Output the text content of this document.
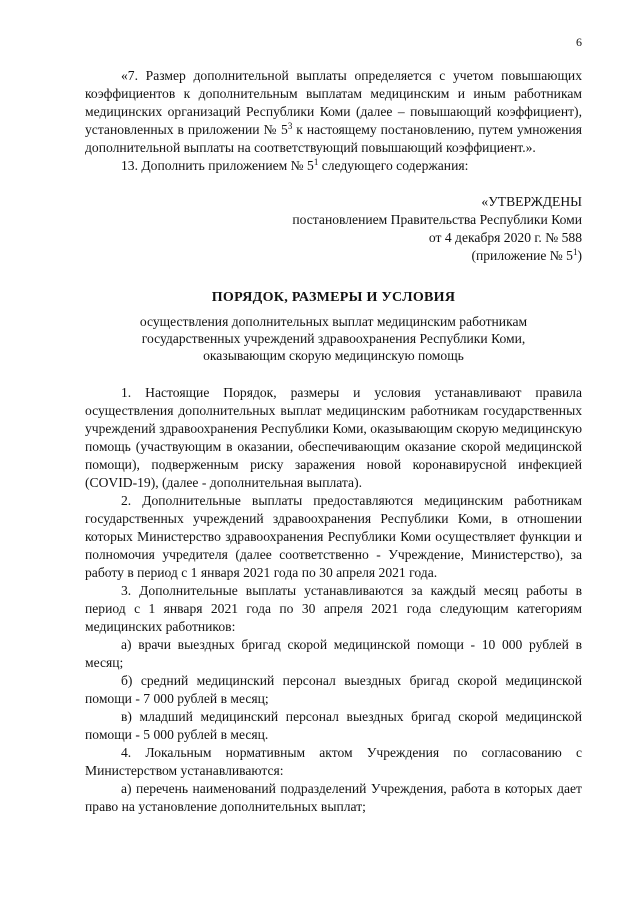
6

«7. Размер дополнительной выплаты определяется с учетом повышающих коэффициентов к дополнительным выплатам медицинским и иным работникам медицинских организаций Республики Коми (далее – повышающий коэффициент), установленных в приложении № $5^3$ к настоящему постановлению, путем умножения дополнительной выплаты на соответствующий повышающий коэффициент.».

13. Дополнить приложением № $5^1$ следующего содержания:

«УТВЕРЖДЕНЫ
постановлением Правительства Республики Коми
от 4 декабря 2020 г. № 588
(приложение № $5^1$)
ПОРЯДОК, РАЗМЕРЫ И УСЛОВИЯ
осуществления дополнительных выплат медицинским работникам
государственных учреждений здравоохранения Республики Коми,
оказывающим скорую медицинскую помощь

1. Настоящие Порядок, размеры и условия устанавливают правила осуществления дополнительных выплат медицинским работникам государственных учреждений здравоохранения Республики Коми, оказывающим скорую медицинскую помощь (участвующим в оказании, обеспечивающим оказание скорой медицинской помощи), подверженным риску заражения новой коронавирусной инфекцией (COVID-19), (далее - дополнительная выплата).

2. Дополнительные выплаты предоставляются медицинским работникам государственных учреждений здравоохранения Республики Коми, в отношении которых Министерство здравоохранения Республики Коми осуществляет функции и полномочия учредителя (далее соответственно - Учреждение, Министерство), за работу в период с 1 января 2021 года по 30 апреля 2021 года.

3. Дополнительные выплаты устанавливаются за каждый месяц работы в период с 1 января 2021 года по 30 апреля 2021 года следующим категориям медицинских работников:

а) врачи выездных бригад скорой медицинской помощи - 10 000 рублей в месяц;

б) средний медицинский персонал выездных бригад скорой медицинской помощи - 7 000 рублей в месяц;

в) младший медицинский персонал выездных бригад скорой медицинской помощи - 5 000 рублей в месяц.

4. Локальным нормативным актом Учреждения по согласованию с Министерством устанавливаются:

а) перечень наименований подразделений Учреждения, работа в которых дает право на установление дополнительных выплат;
